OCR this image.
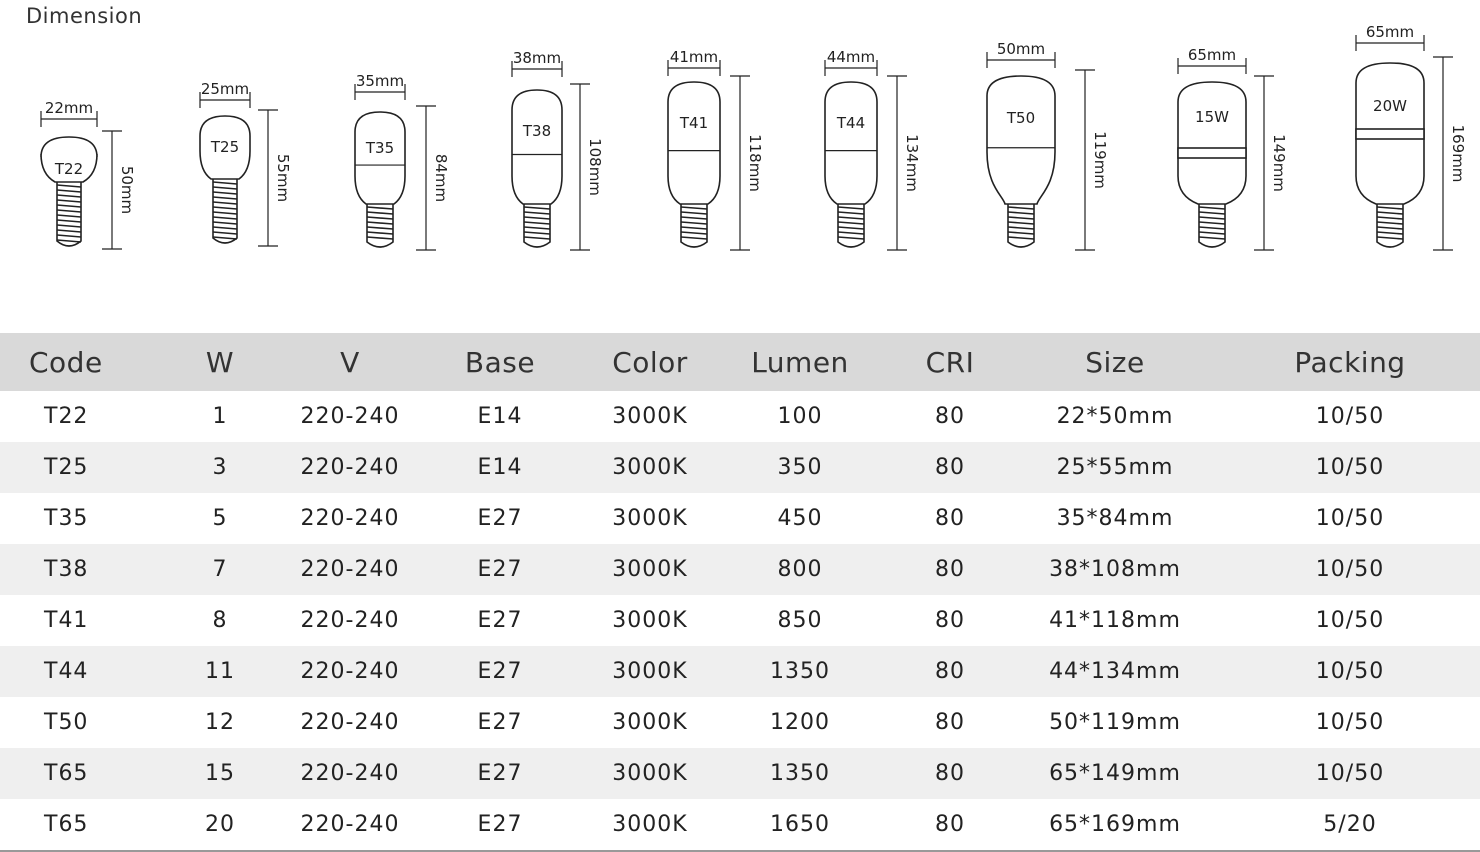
Dimension
T22
22mm
50mm
T25
25mm
55mm
T35
35mm
84mm
T38
38mm
108mm
T41
41mm
118mm
T44
44mm
134mm
T50
50mm
119mm
15W
65mm
149mm
20W
65mm
169mm
Code	W	V	Base	Color	Lumen	CRI	Size	Packing
T22	1	220-240	E14	3000K	100	80	22*50mm	10/50
T25	3	220-240	E14	3000K	350	80	25*55mm	10/50
T35	5	220-240	E27	3000K	450	80	35*84mm	10/50
T38	7	220-240	E27	3000K	800	80	38*108mm	10/50
T41	8	220-240	E27	3000K	850	80	41*118mm	10/50
T44	11	220-240	E27	3000K	1350	80	44*134mm	10/50
T50	12	220-240	E27	3000K	1200	80	50*119mm	10/50
T65	15	220-240	E27	3000K	1350	80	65*149mm	10/50
T65	20	220-240	E27	3000K	1650	80	65*169mm	5/20
